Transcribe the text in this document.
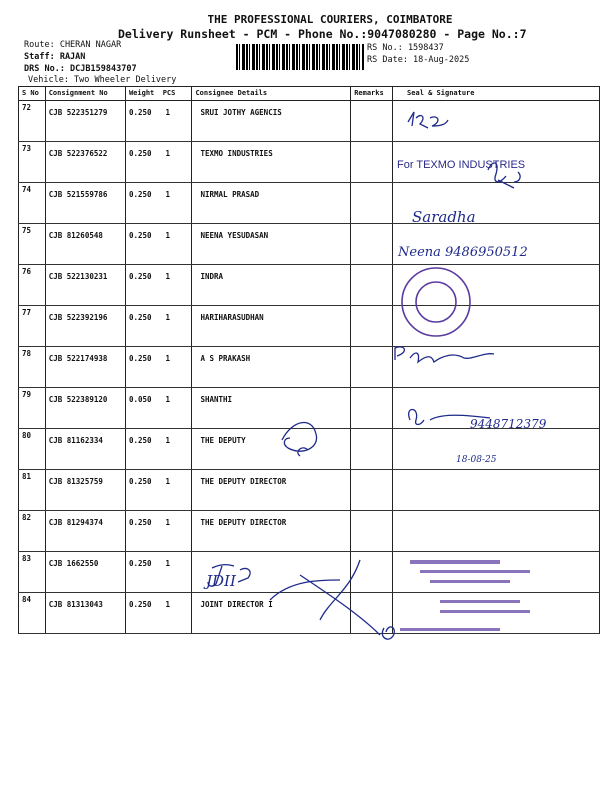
THE PROFESSIONAL COURIERS, COIMBATORE
Delivery Runsheet - PCM - Phone No.:9047080280 - Page No.:7
Route: CHERAN NAGAR
Staff: RAJAN
DRS No.: DCJB159843707
Vehicle: Two Wheeler Delivery
RS No.: 1598437
RS Date: 18-Aug-2025
S No	Consignment No	Weight PCS	Consignee Details	Remarks	Seal & Signature
72	CJB 522351279	0.250 1	SRUI JOTHY AGENCIS		
73	CJB 522376522	0.250 1	TEXMO INDUSTRIES		
74	CJB 521559786	0.250 1	NIRMAL PRASAD		
75	CJB 81260548	0.250 1	NEENA YESUDASAN		
76	CJB 522130231	0.250 1	INDRA		
77	CJB 522392196	0.250 1	HARIHARASUDHAN		
78	CJB 522174938	0.250 1	A S PRAKASH		
79	CJB 522389120	0.050 1	SHANTHI		
80	CJB 81162334	0.250 1	THE DEPUTY		
81	CJB 81325759	0.250 1	THE DEPUTY DIRECTOR		
82	CJB 81294374	0.250 1	THE DEPUTY DIRECTOR		
83	CJB 1662550	0.250 1			
84	CJB 81313043	0.250 1	JOINT DIRECTOR I		
For TEXMO INDUSTRIES
Saradha
Neena 9486950512
9448712379
18-08-25
JDII
